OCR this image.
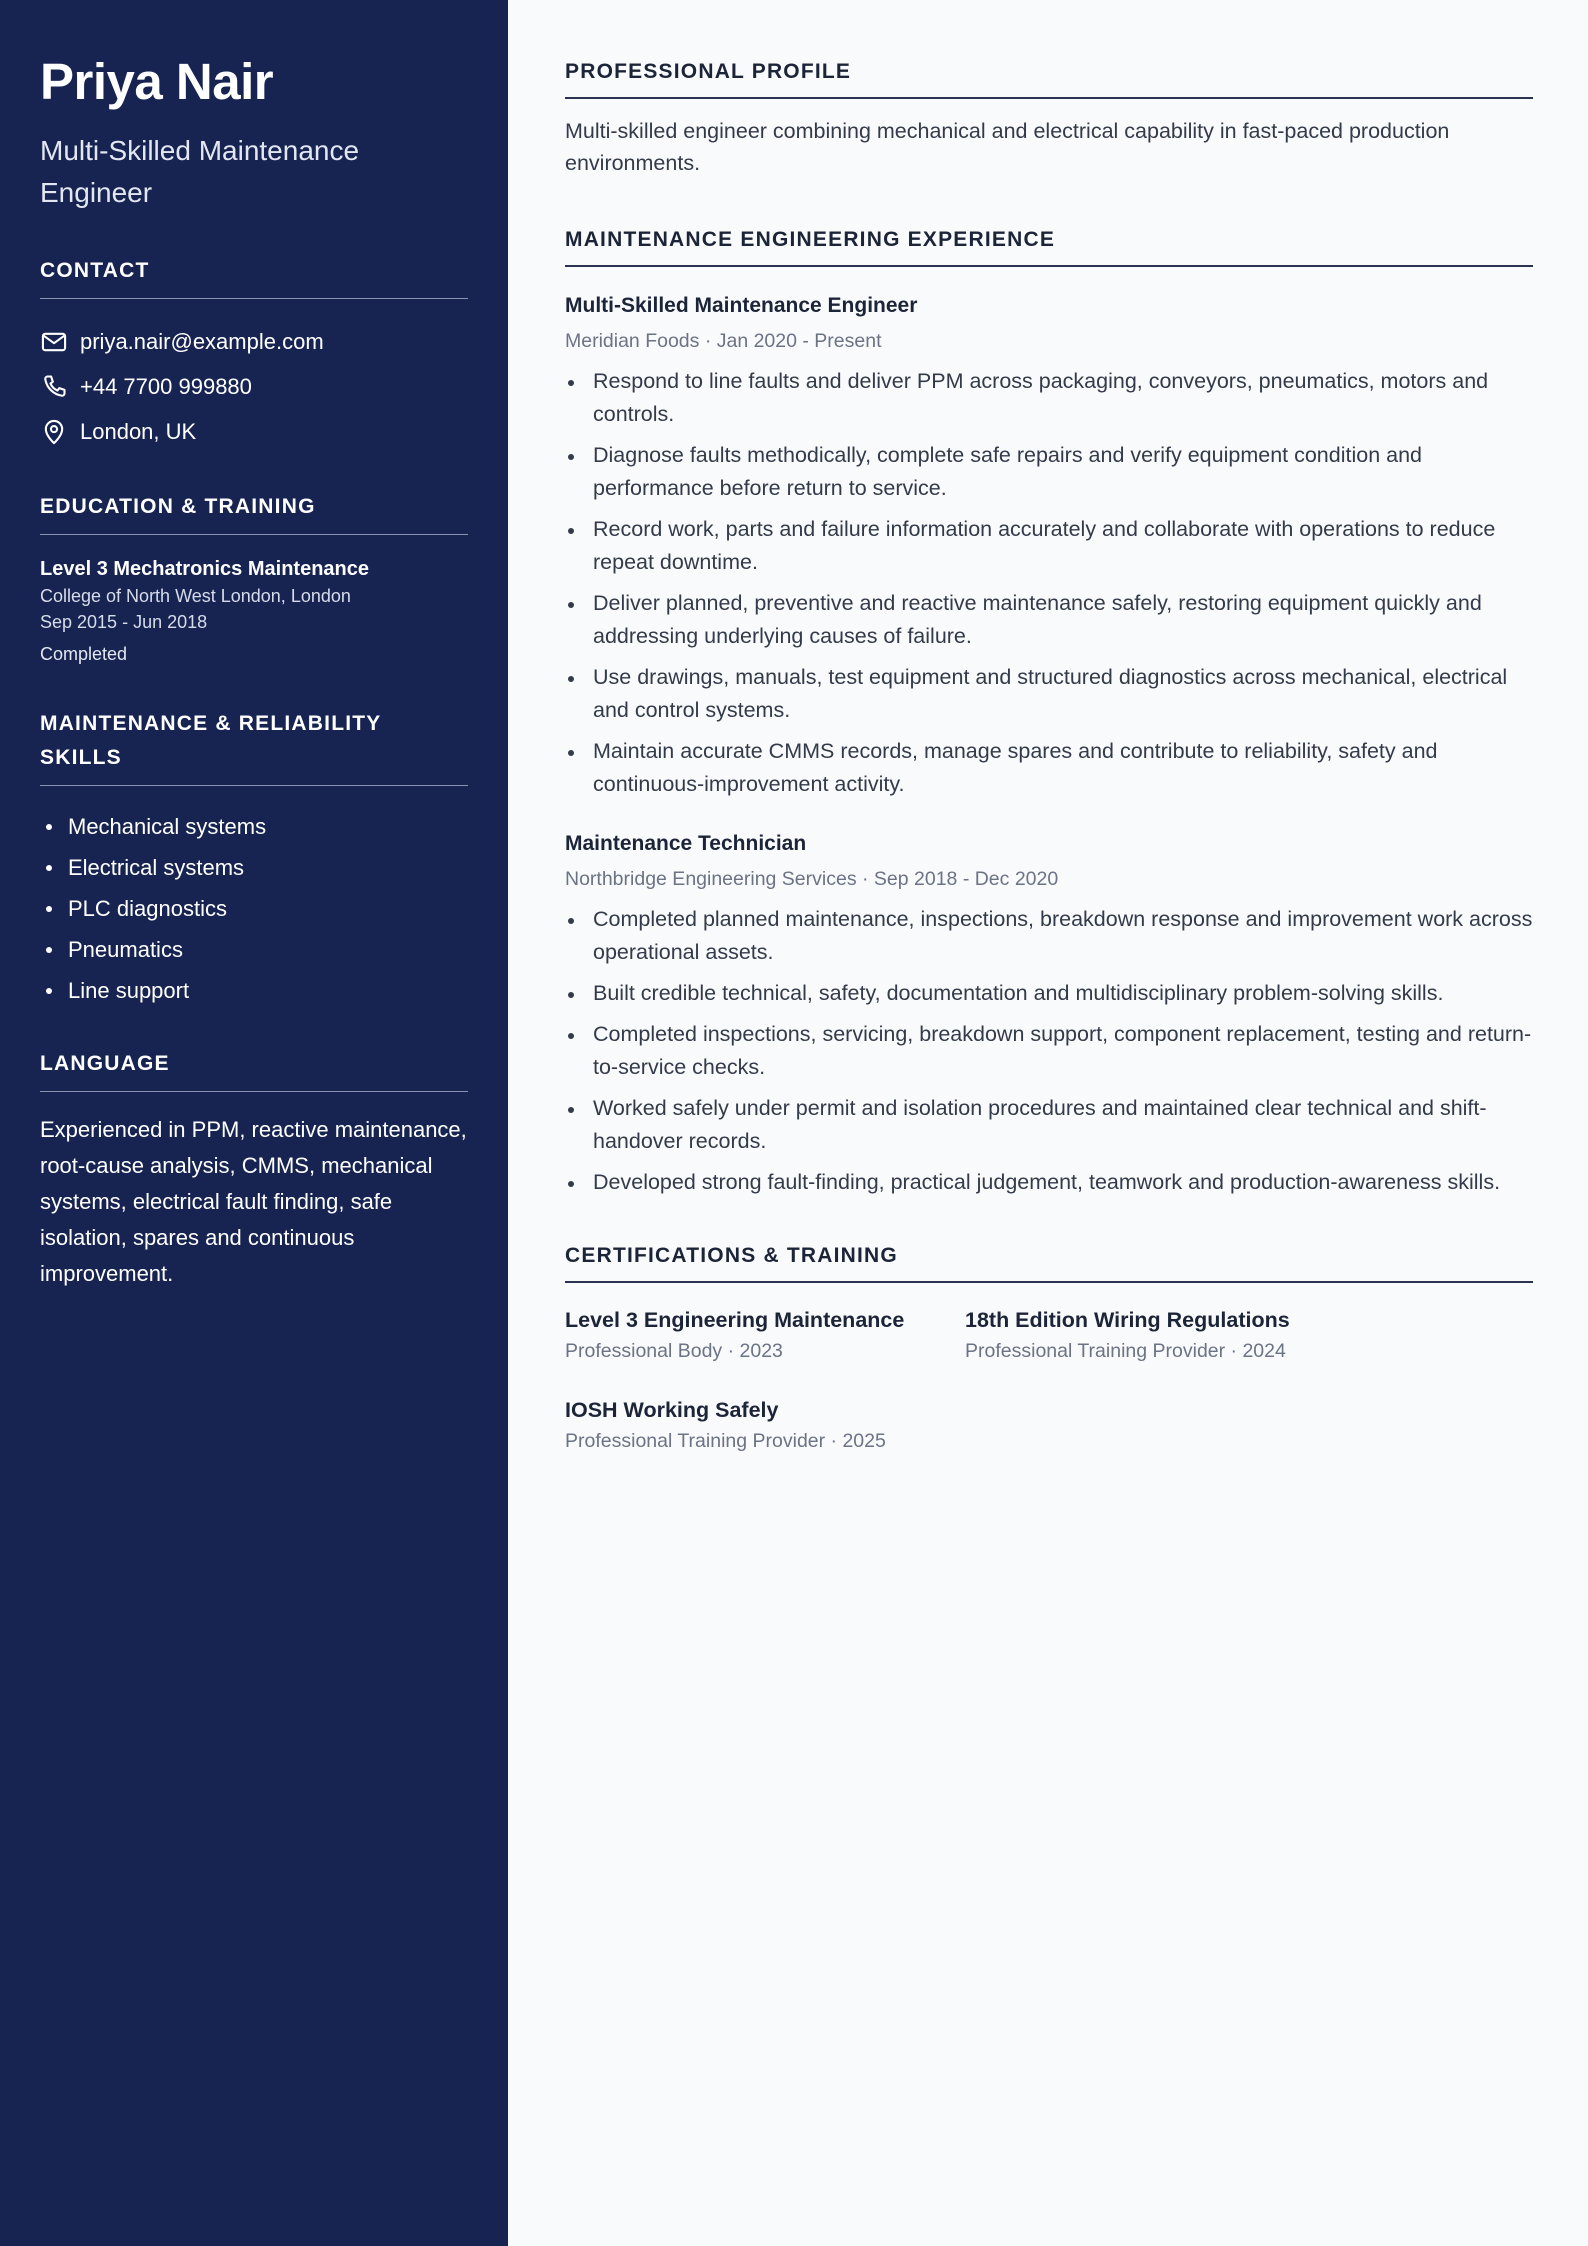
Priya Nair
Multi-Skilled Maintenance Engineer
CONTACT
priya.nair@example.com
+44 7700 999880
London, UK
EDUCATION & TRAINING
Level 3 Mechatronics Maintenance
College of North West London, London
Sep 2015 - Jun 2018
Completed
MAINTENANCE & RELIABILITY SKILLS
Mechanical systems
Electrical systems
PLC diagnostics
Pneumatics
Line support
LANGUAGE
Experienced in PPM, reactive maintenance, root-cause analysis, CMMS, mechanical systems, electrical fault finding, safe isolation, spares and continuous improvement.
PROFESSIONAL PROFILE
Multi-skilled engineer combining mechanical and electrical capability in fast-paced production environments.
MAINTENANCE ENGINEERING EXPERIENCE
Multi-Skilled Maintenance Engineer
Meridian Foods · Jan 2020 - Present
Respond to line faults and deliver PPM across packaging, conveyors, pneumatics, motors and controls.
Diagnose faults methodically, complete safe repairs and verify equipment condition and performance before return to service.
Record work, parts and failure information accurately and collaborate with operations to reduce repeat downtime.
Deliver planned, preventive and reactive maintenance safely, restoring equipment quickly and addressing underlying causes of failure.
Use drawings, manuals, test equipment and structured diagnostics across mechanical, electrical and control systems.
Maintain accurate CMMS records, manage spares and contribute to reliability, safety and continuous-improvement activity.
Maintenance Technician
Northbridge Engineering Services · Sep 2018 - Dec 2020
Completed planned maintenance, inspections, breakdown response and improvement work across operational assets.
Built credible technical, safety, documentation and multidisciplinary problem-solving skills.
Completed inspections, servicing, breakdown support, component replacement, testing and return-to-service checks.
Worked safely under permit and isolation procedures and maintained clear technical and shift-handover records.
Developed strong fault-finding, practical judgement, teamwork and production-awareness skills.
CERTIFICATIONS & TRAINING
Level 3 Engineering Maintenance
Professional Body · 2023
18th Edition Wiring Regulations
Professional Training Provider · 2024
IOSH Working Safely
Professional Training Provider · 2025
